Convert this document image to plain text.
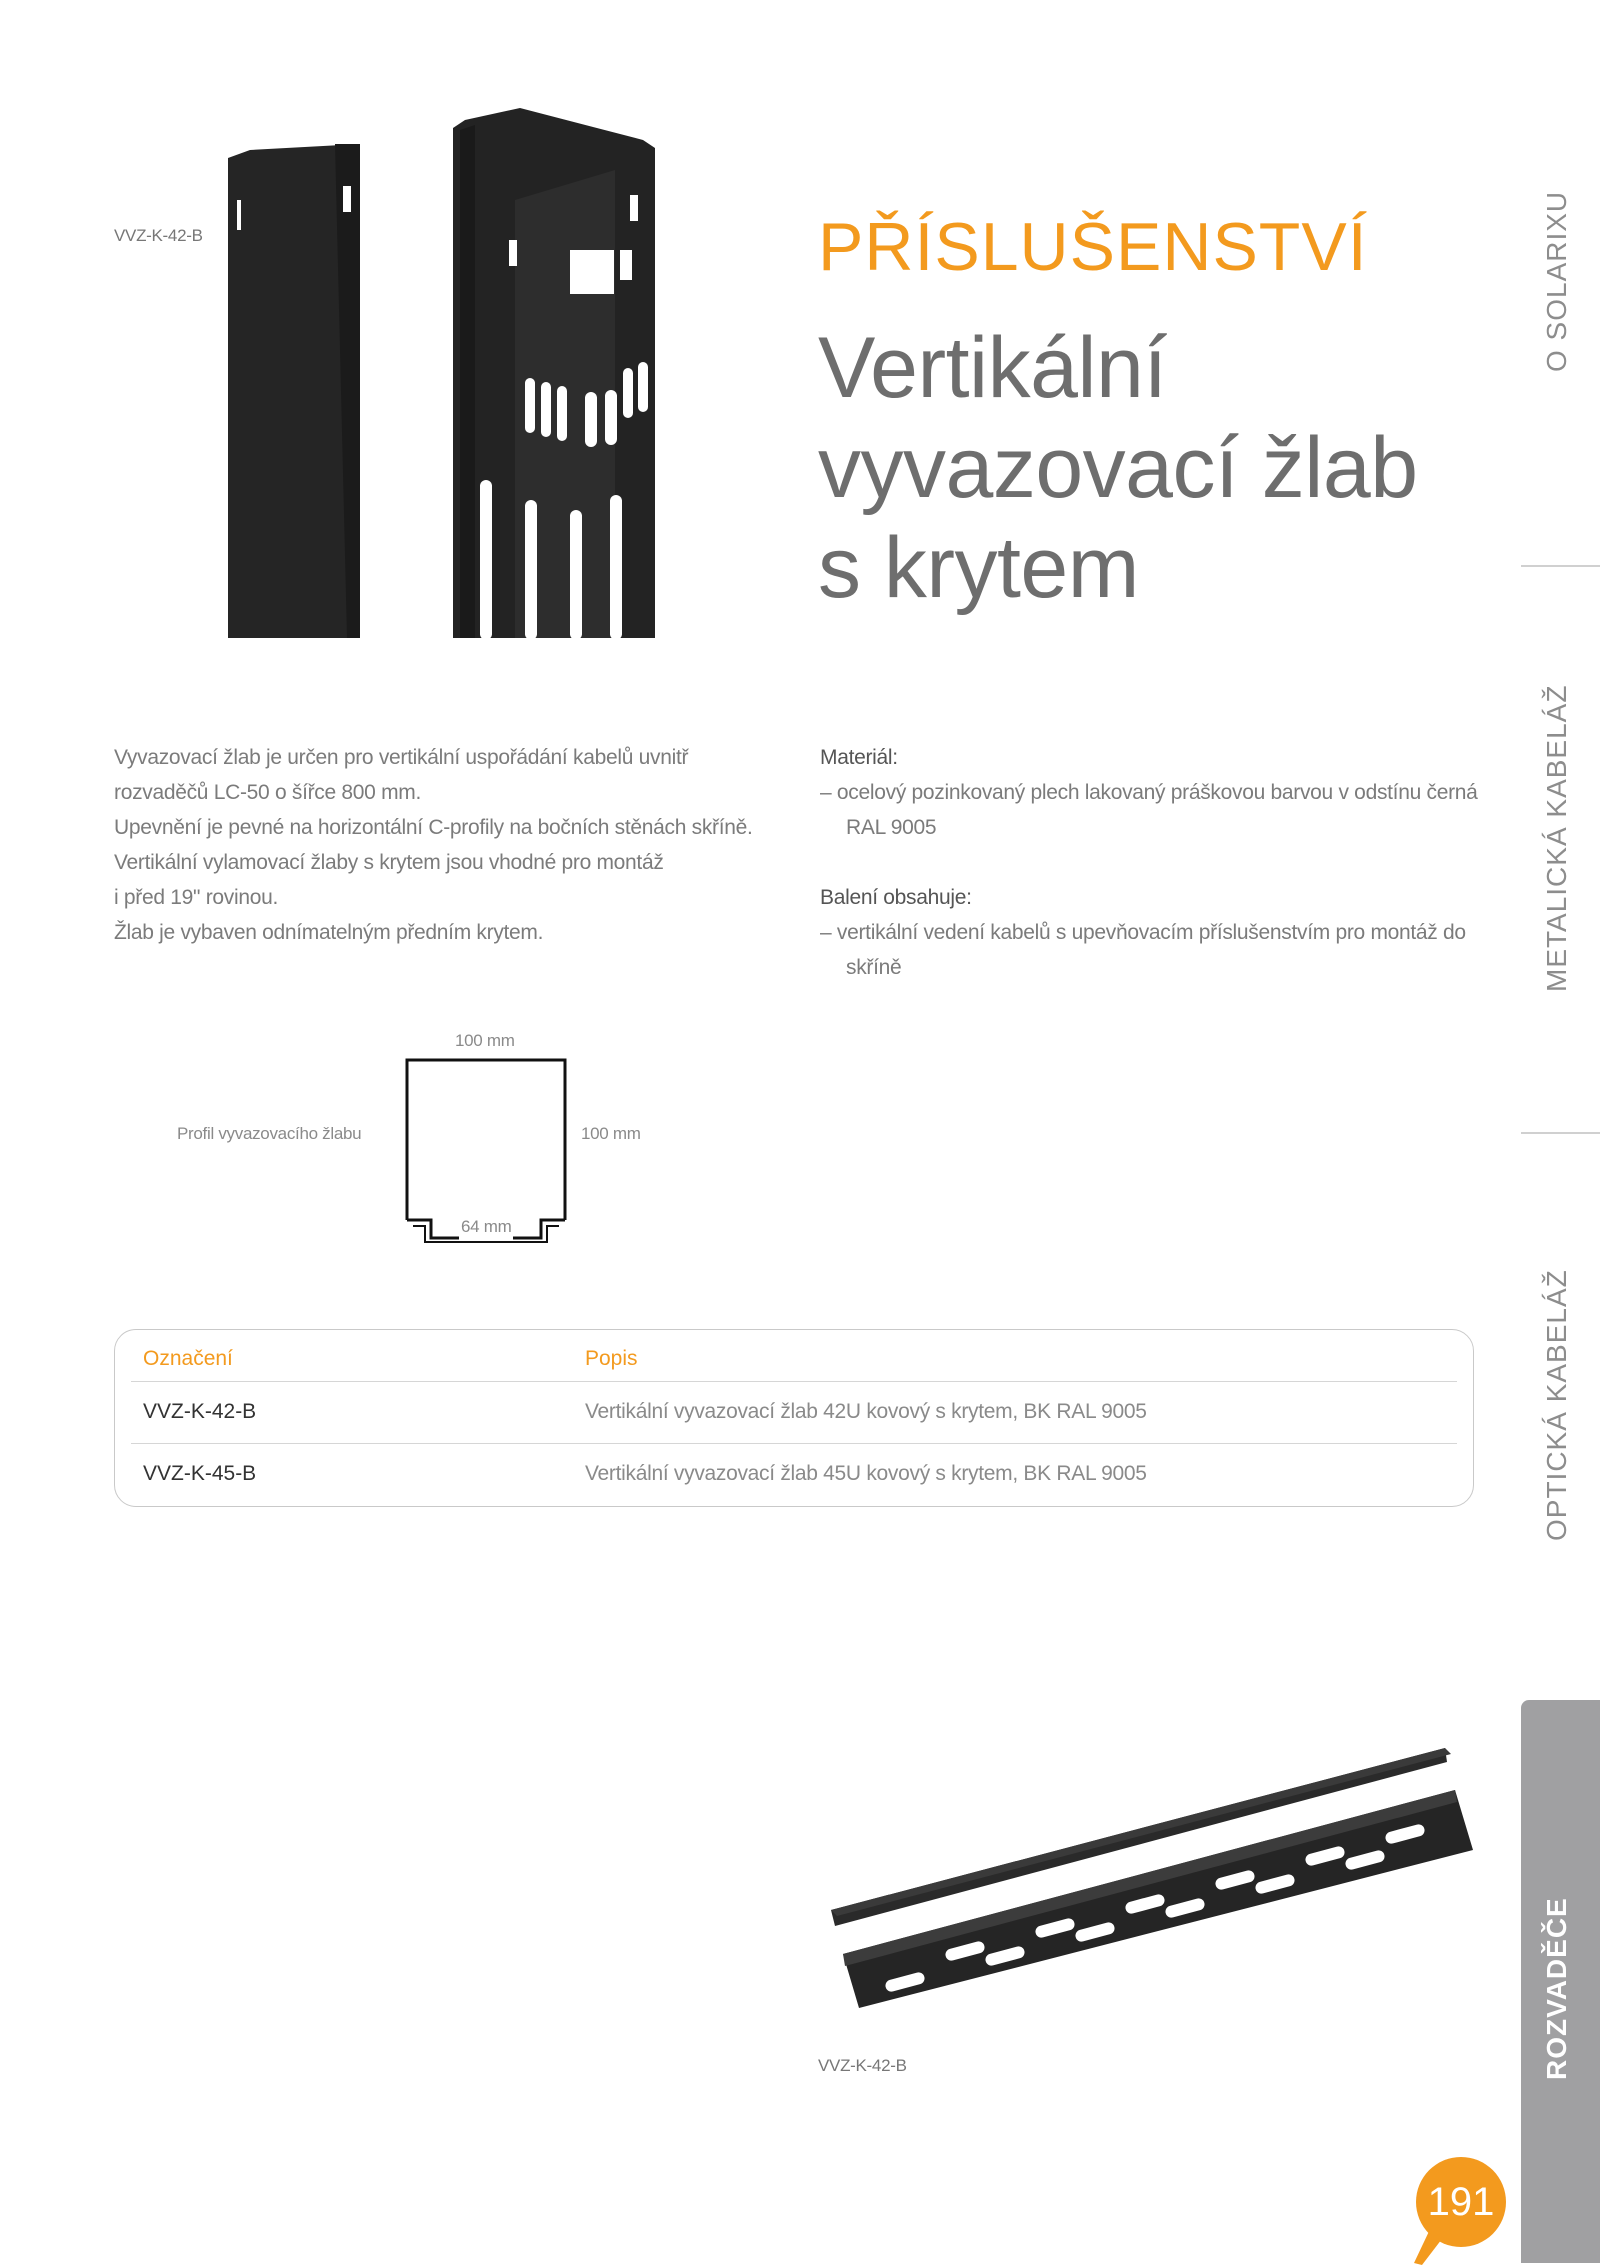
VVZ-K-42-B	PŘÍSLUŠENSTVÍ
Vertikální
vyvazovací žlab
s krytem
Vyvazovací žlab je určen pro vertikální uspořádání kabelů uvnitř
rozvaděčů LC-50 o šířce 800 mm.
Upevnění je pevné na horizontální C-profily na bočních stěnách skříně.
Vertikální vylamovací žlaby s krytem jsou vhodné pro montáž
i před 19" rovinou.
Žlab je vybaven odnímatelným předním krytem.
Materiál:
– ocelový pozinkovaný plech lakovaný práškovou barvou v odstínu černá RAL 9005
Balení obsahuje:
– vertikální vedení kabelů s upevňovacím příslušenstvím pro montáž do skříně
Profil vyvazovacího žlabu
100 mm
100 mm
64 mm
Označení	Popis
VVZ-K-42-B	Vertikální vyvazovací žlab 42U kovový s krytem, BK RAL 9005
VVZ-K-45-B	Vertikální vyvazovací žlab 45U kovový s krytem, BK RAL 9005
VVZ-K-42-B
O SOLARIXU
METALICKÁ KABELÁŽ
OPTICKÁ KABELÁŽ
ROZVADĚČE
191
